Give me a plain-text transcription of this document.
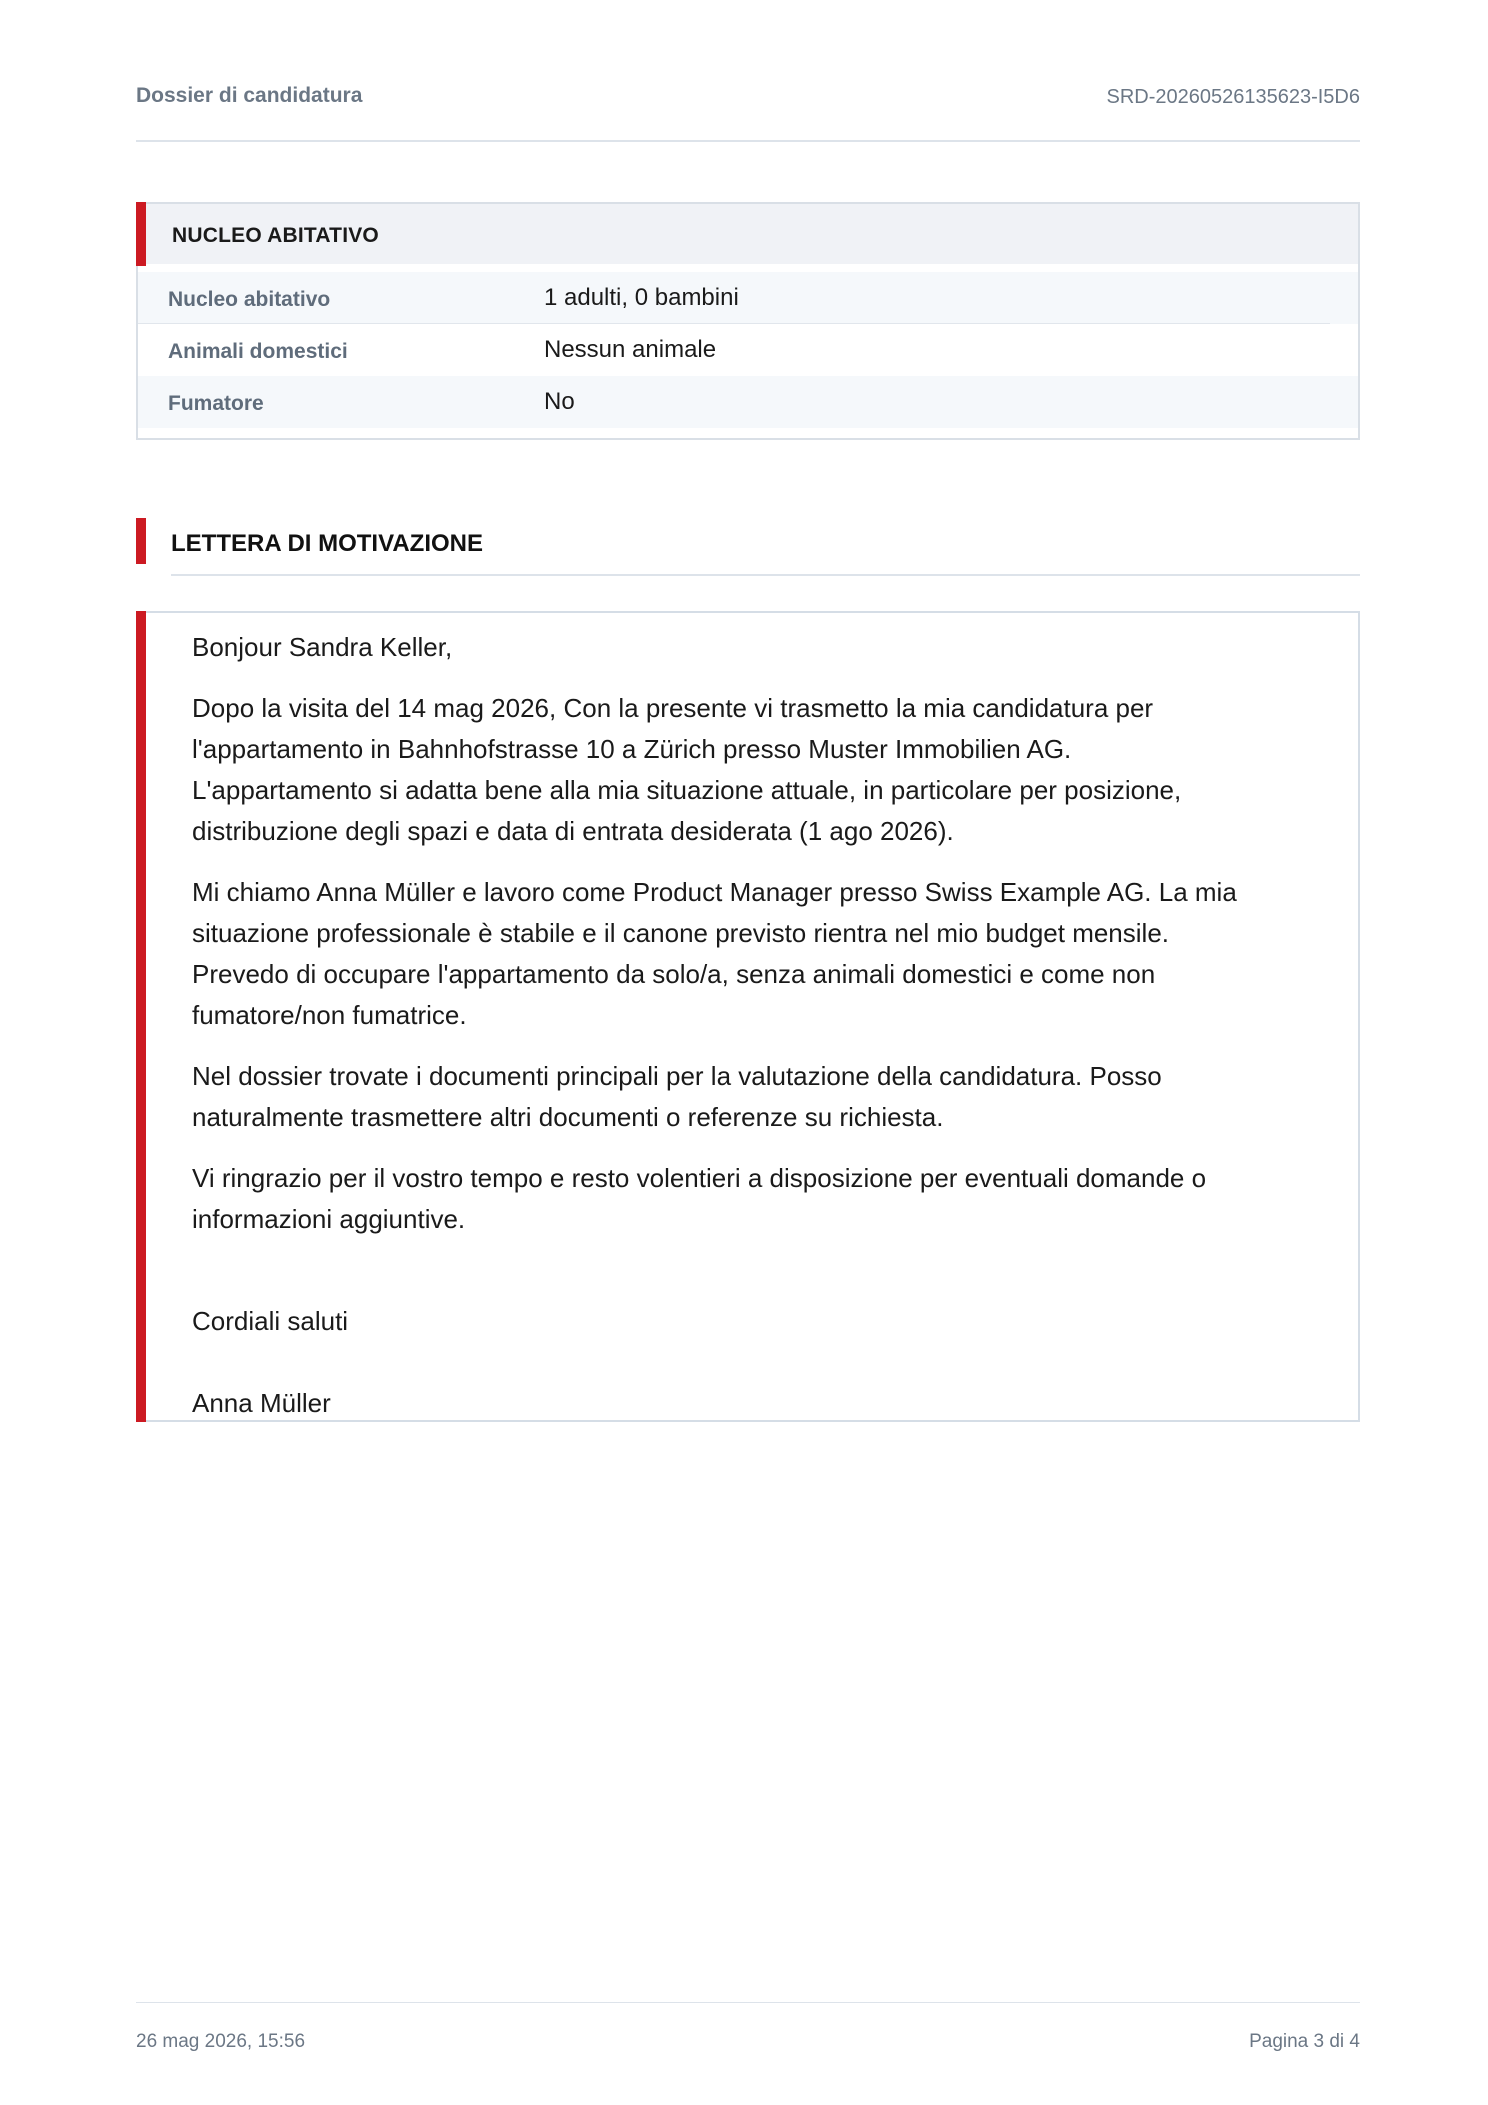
Dossier di candidatura	SRD-20260526135623-I5D6
NUCLEO ABITATIVO
Nucleo abitativo	1 adulti, 0 bambini
Animali domestici	Nessun animale
Fumatore	No
LETTERA DI MOTIVAZIONE

Bonjour Sandra Keller,

Dopo la visita del 14 mag 2026, Con la presente vi trasmetto la mia candidatura per
l'appartamento in Bahnhofstrasse 10 a Zürich presso Muster Immobilien AG.
L'appartamento si adatta bene alla mia situazione attuale, in particolare per posizione,
distribuzione degli spazi e data di entrata desiderata (1 ago 2026).

Mi chiamo Anna Müller e lavoro come Product Manager presso Swiss Example AG. La mia
situazione professionale è stabile e il canone previsto rientra nel mio budget mensile.
Prevedo di occupare l'appartamento da solo/a, senza animali domestici e come non
fumatore/non fumatrice.

Nel dossier trovate i documenti principali per la valutazione della candidatura. Posso
naturalmente trasmettere altri documenti o referenze su richiesta.

Vi ringrazio per il vostro tempo e resto volentieri a disposizione per eventuali domande o
informazioni aggiuntive.

Cordiali saluti

Anna Müller

26 mag 2026, 15:56	Pagina 3 di 4
